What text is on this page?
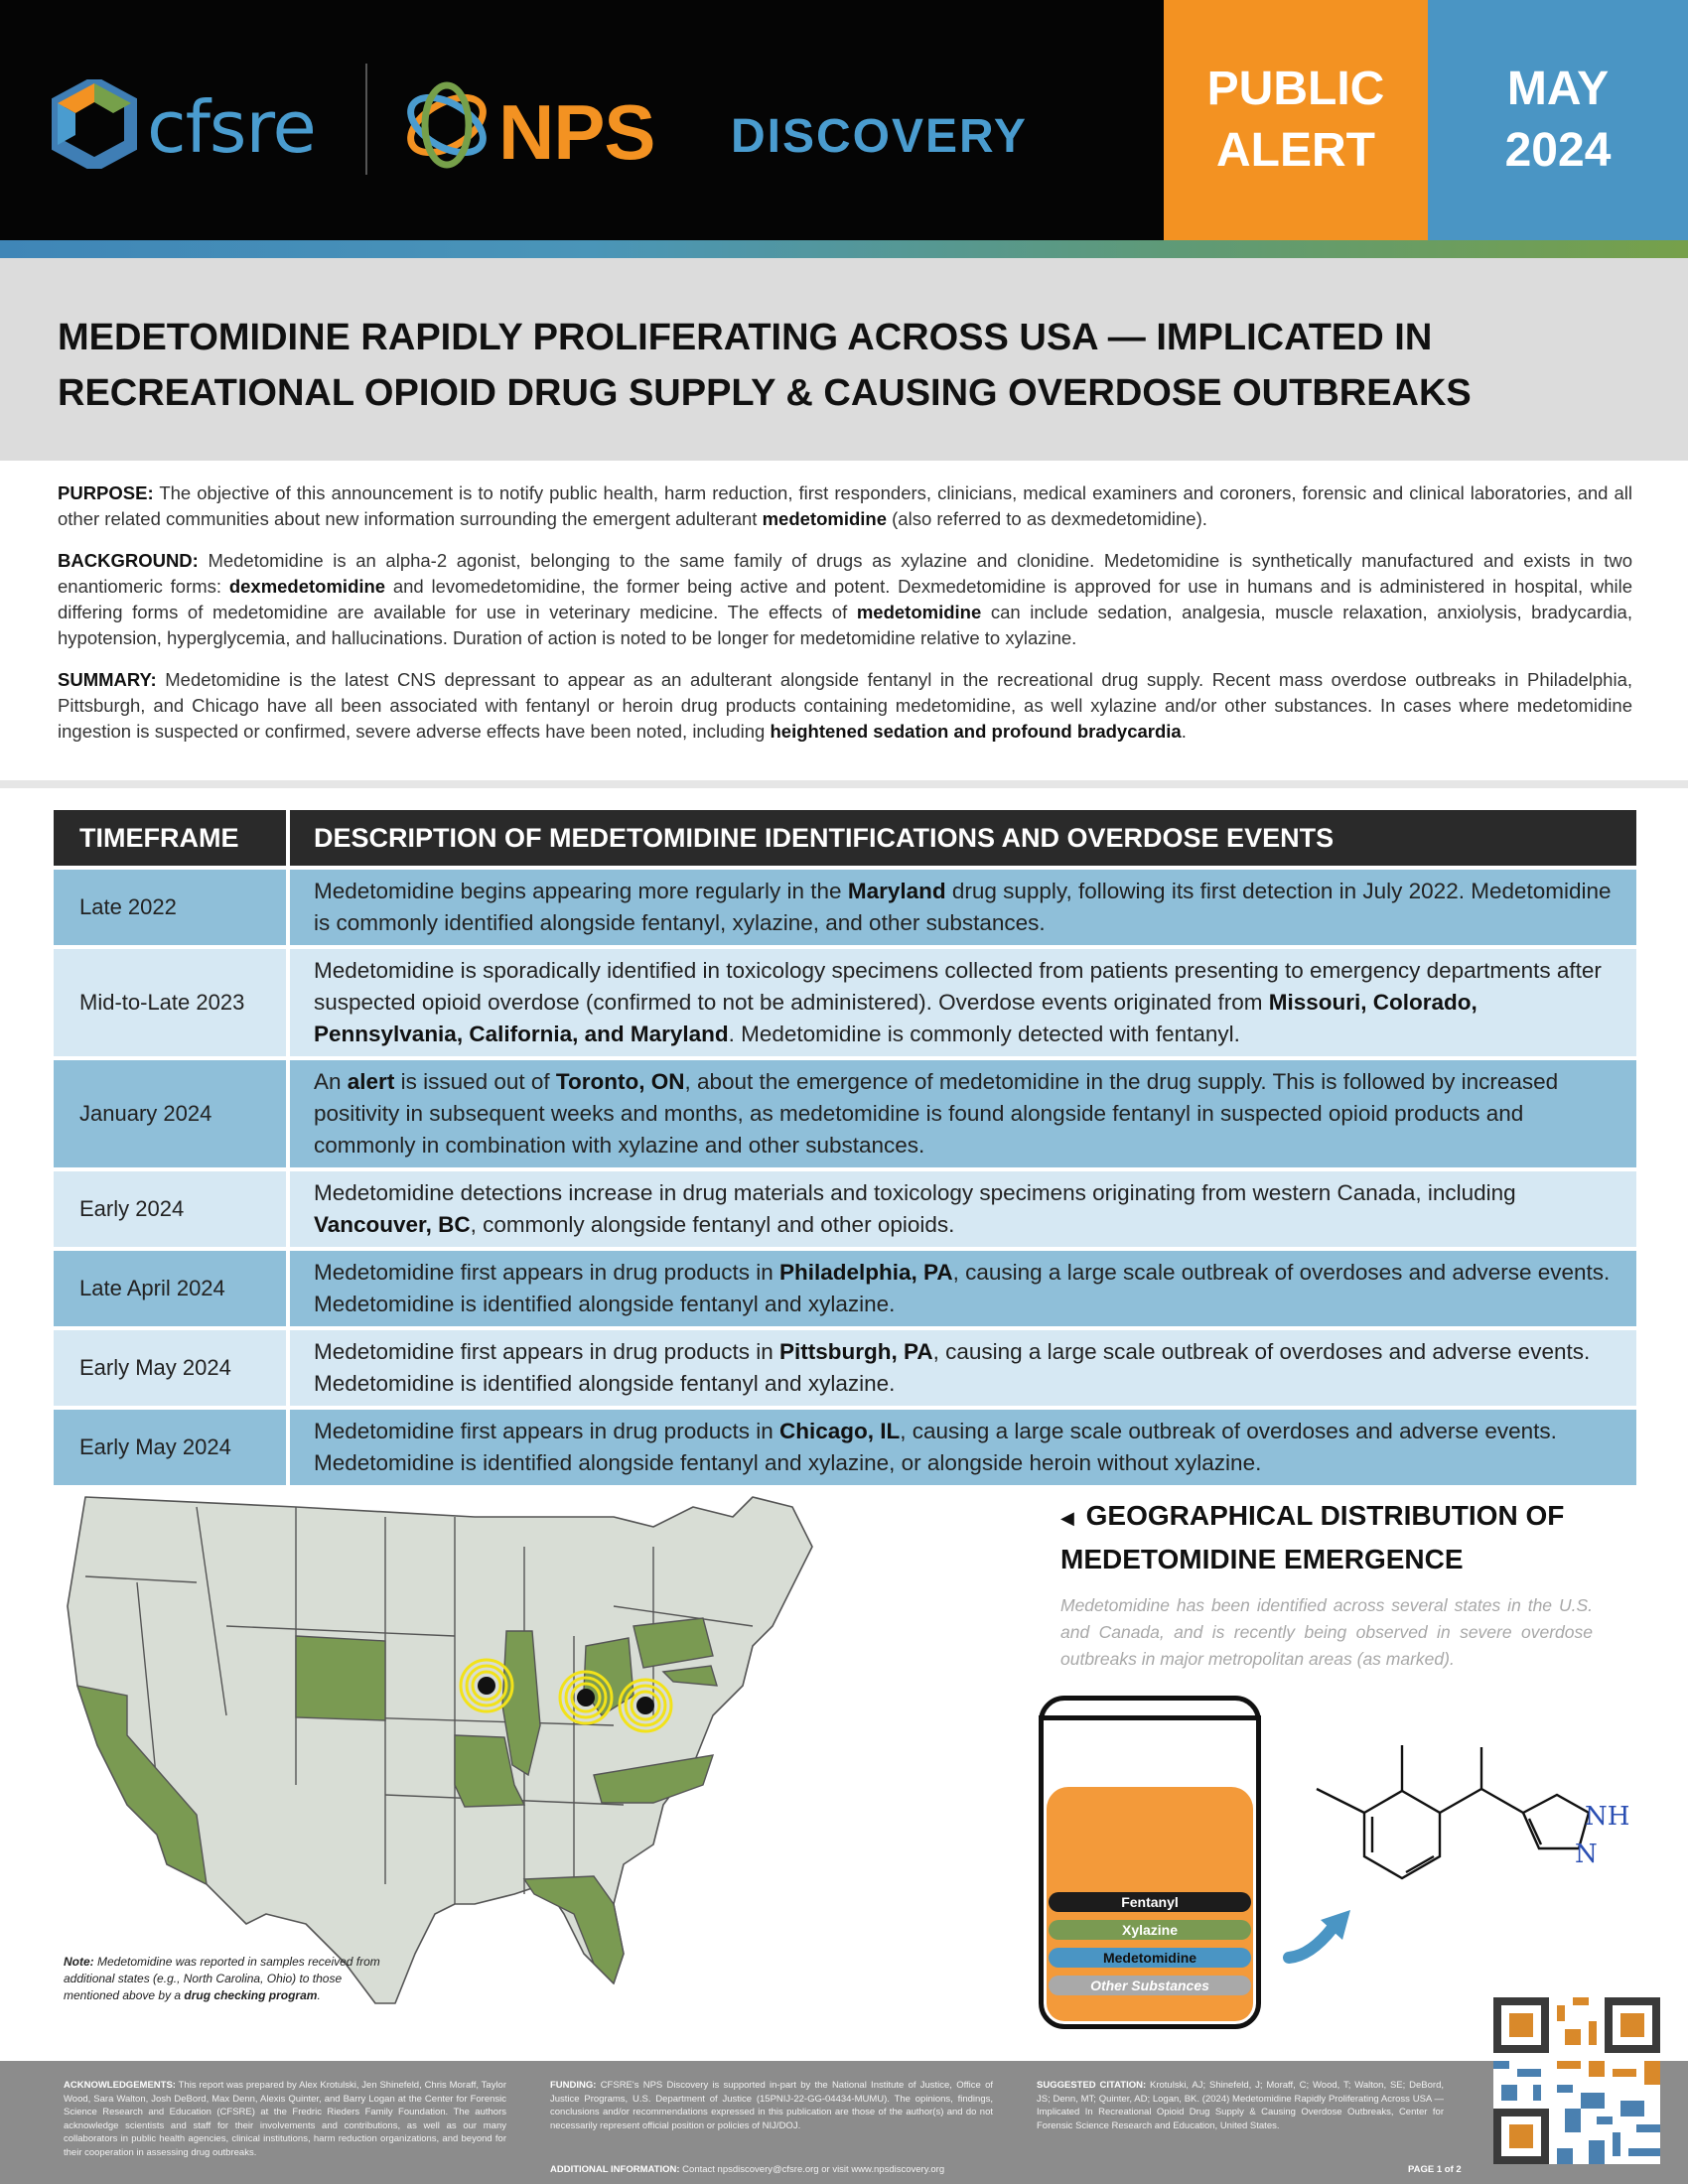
cfsre NPS DISCOVERY
PUBLIC
ALERT
MAY
2024
MEDETOMIDINE RAPIDLY PROLIFERATING ACROSS USA — IMPLICATED IN
RECREATIONAL OPIOID DRUG SUPPLY & CAUSING OVERDOSE OUTBREAKS

PURPOSE: The objective of this announcement is to notify public health, harm reduction, first responders, clinicians, medical examiners and coroners, forensic and clinical laboratories, and all other related communities about new information surrounding the emergent adulterant medetomidine (also referred to as dexmedetomidine).

BACKGROUND: Medetomidine is an alpha-2 agonist, belonging to the same family of drugs as xylazine and clonidine. Medetomidine is synthetically manufactured and exists in two enantiomeric forms: dexmedetomidine and levomedetomidine, the former being active and potent. Dexmedetomidine is approved for use in humans and is administered in hospital, while differing forms of medetomidine are available for use in veterinary medicine. The effects of medetomidine can include sedation, analgesia, muscle relaxation, anxiolysis, bradycardia, hypotension, hyperglycemia, and hallucinations. Duration of action is noted to be longer for medetomidine relative to xylazine.

SUMMARY: Medetomidine is the latest CNS depressant to appear as an adulterant alongside fentanyl in the recreational drug supply. Recent mass overdose outbreaks in Philadelphia, Pittsburgh, and Chicago have all been associated with fentanyl or heroin drug products containing medetomidine, as well xylazine and/or other substances. In cases where medetomidine ingestion is suspected or confirmed, severe adverse effects have been noted, including heightened sedation and profound bradycardia.

TIMEFRAME	DESCRIPTION OF MEDETOMIDINE IDENTIFICATIONS AND OVERDOSE EVENTS
Late 2022
Medetomidine begins appearing more regularly in the Maryland drug supply, following its first detection in July 2022. Medetomidine is commonly identified alongside fentanyl, xylazine, and other substances.
Mid-to-Late 2023
Medetomidine is sporadically identified in toxicology specimens collected from patients presenting to emergency departments after suspected opioid overdose (confirmed to not be administered). Overdose events originated from Missouri, Colorado, Pennsylvania, California, and Maryland. Medetomidine is commonly detected with fentanyl.
January 2024
An alert is issued out of Toronto, ON, about the emergence of medetomidine in the drug supply. This is followed by increased positivity in subsequent weeks and months, as medetomidine is found alongside fentanyl in suspected opioid products and commonly in combination with xylazine and other substances.
Early 2024
Medetomidine detections increase in drug materials and toxicology specimens originating from western Canada, including Vancouver, BC, commonly alongside fentanyl and other opioids.
Late April 2024
Medetomidine first appears in drug products in Philadelphia, PA, causing a large scale outbreak of overdoses and adverse events. Medetomidine is identified alongside fentanyl and xylazine.
Early May 2024
Medetomidine first appears in drug products in Pittsburgh, PA, causing a large scale outbreak of overdoses and adverse events. Medetomidine is identified alongside fentanyl and xylazine.
Early May 2024
Medetomidine first appears in drug products in Chicago, IL, causing a large scale outbreak of overdoses and adverse events. Medetomidine is identified alongside fentanyl and xylazine, or alongside heroin without xylazine.
Note: Medetomidine was reported in samples received from additional states (e.g., North Carolina, Ohio) to those mentioned above by a drug checking program.
◀ GEOGRAPHICAL DISTRIBUTION OF
MEDETOMIDINE EMERGENCE
Medetomidine has been identified across several states in the U.S. and Canada, and is recently being observed in severe overdose outbreaks in major metropolitan areas (as marked).
Fentanyl
Xylazine
Medetomidine
Other Substances
N
NH
ACKNOWLEDGEMENTS: This report was prepared by Alex Krotulski, Jen Shinefeld, Chris Moraff, Taylor Wood, Sara Walton, Josh DeBord, Max Denn, Alexis Quinter, and Barry Logan at the Center for Forensic Science Research and Education (CFSRE) at the Fredric Rieders Family Foundation. The authors acknowledge scientists and staff for their involvements and contributions, as well as our many collaborators in public health agencies, clinical institutions, harm reduction organizations, and beyond for their cooperation in assessing drug outbreaks.
FUNDING: CFSRE's NPS Discovery is supported in-part by the National Institute of Justice, Office of Justice Programs, U.S. Department of Justice (15PNIJ-22-GG-04434-MUMU). The opinions, findings, conclusions and/or recommendations expressed in this publication are those of the author(s) and do not necessarily represent official position or policies of NIJ/DOJ.
SUGGESTED CITATION: Krotulski, AJ; Shinefeld, J; Moraff, C; Wood, T; Walton, SE; DeBord, JS; Denn, MT; Quinter, AD; Logan, BK. (2024) Medetomidine Rapidly Proliferating Across USA — Implicated In Recreational Opioid Drug Supply & Causing Overdose Outbreaks, Center for Forensic Science Research and Education, United States.
ADDITIONAL INFORMATION: Contact npsdiscovery@cfsre.org or visit www.npsdiscovery.org	PAGE 1 of 2
